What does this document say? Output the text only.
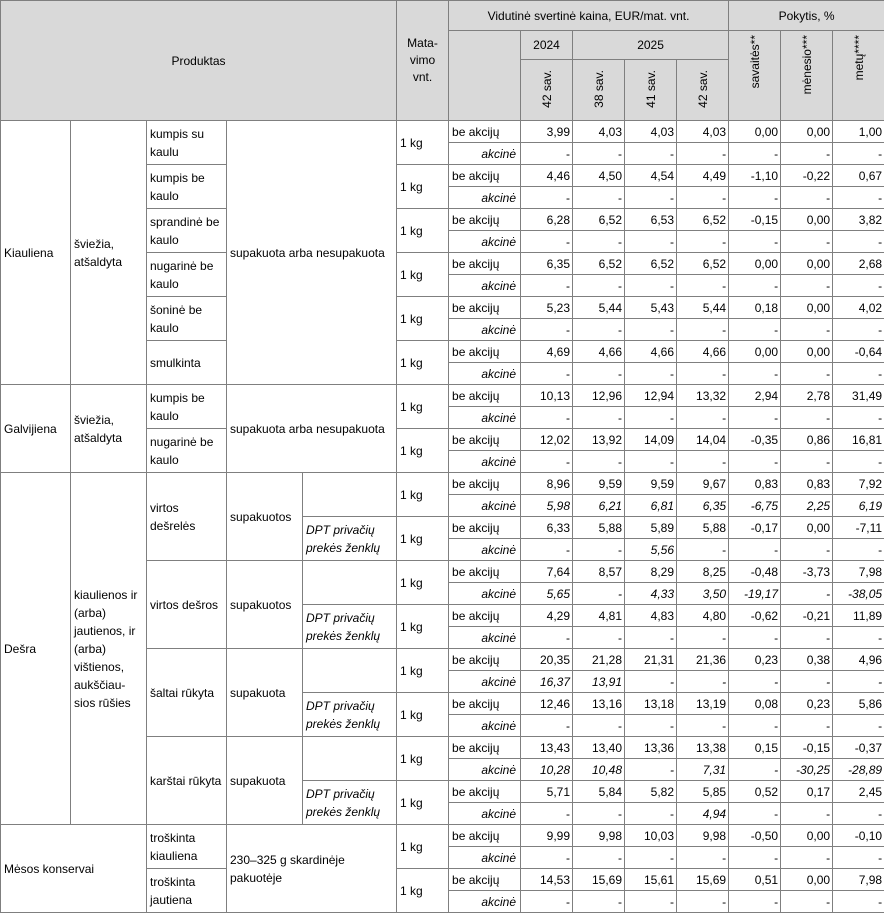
Produktas					Mata-vimo vnt.	Vidutinė svertinė kaina, EUR/mat. vnt.					Pokytis, %		
							2024	2025			savaitės**	mėnesio***	metų****
							42 sav.	38 sav.	41 sav.	42 sav.			
Kiauliena	šviežia, atšaldyta	kumpis su kaulu	supakuota arba nesupakuota		1 kg	be akcijų	3,99	4,03	4,03	4,03	0,00	0,00	1,00
						akcinė	-	-	-	-	-	-	-
		kumpis be kaulo			1 kg	be akcijų	4,46	4,50	4,54	4,49	-1,10	-0,22	0,67
						akcinė	-	-	-	-	-	-	-
		sprandinė be kaulo			1 kg	be akcijų	6,28	6,52	6,53	6,52	-0,15	0,00	3,82
						akcinė	-	-	-	-	-	-	-
		nugarinė be kaulo			1 kg	be akcijų	6,35	6,52	6,52	6,52	0,00	0,00	2,68
						akcinė	-	-	-	-	-	-	-
		šoninė be kaulo			1 kg	be akcijų	5,23	5,44	5,43	5,44	0,18	0,00	4,02
						akcinė	-	-	-	-	-	-	-
		smulkinta			1 kg	be akcijų	4,69	4,66	4,66	4,66	0,00	0,00	-0,64
						akcinė	-	-	-	-	-	-	-
Galvijiena	šviežia, atšaldyta	kumpis be kaulo	supakuota arba nesupakuota		1 kg	be akcijų	10,13	12,96	12,94	13,32	2,94	2,78	31,49
						akcinė	-	-	-	-	-	-	-
		nugarinė be kaulo			1 kg	be akcijų	12,02	13,92	14,09	14,04	-0,35	0,86	16,81
						akcinė	-	-	-	-	-	-	-
Dešra	kiaulienos ir (arba) jautienos, ir (arba) vištienos, aukščiau-sios rūšies	virtos dešrelės	supakuotos		1 kg	be akcijų	8,96	9,59	9,59	9,67	0,83	0,83	7,92
						akcinė	5,98	6,21	6,81	6,35	-6,75	2,25	6,19
				DPT privačių prekės ženklų	1 kg	be akcijų	6,33	5,88	5,89	5,88	-0,17	0,00	-7,11
						akcinė	-	-	5,56	-	-	-	-
		virtos dešros	supakuotos		1 kg	be akcijų	7,64	8,57	8,29	8,25	-0,48	-3,73	7,98
						akcinė	5,65	-	4,33	3,50	-19,17	-	-38,05
				DPT privačių prekės ženklų	1 kg	be akcijų	4,29	4,81	4,83	4,80	-0,62	-0,21	11,89
						akcinė	-	-	-	-	-	-	-
		šaltai rūkyta	supakuota		1 kg	be akcijų	20,35	21,28	21,31	21,36	0,23	0,38	4,96
						akcinė	16,37	13,91	-	-	-	-	-
				DPT privačių prekės ženklų	1 kg	be akcijų	12,46	13,16	13,18	13,19	0,08	0,23	5,86
						akcinė	-	-	-	-	-	-	-
		karštai rūkyta	supakuota		1 kg	be akcijų	13,43	13,40	13,36	13,38	0,15	-0,15	-0,37
						akcinė	10,28	10,48	-	7,31	-	-30,25	-28,89
				DPT privačių prekės ženklų	1 kg	be akcijų	5,71	5,84	5,82	5,85	0,52	0,17	2,45
						akcinė	-	-	-	4,94	-	-	-
Mėsos konservai		troškinta kiauliena	230–325 g skardinėje pakuotėje		1 kg	be akcijų	9,99	9,98	10,03	9,98	-0,50	0,00	-0,10
						akcinė	-	-	-	-	-	-	-
		troškinta jautiena			1 kg	be akcijų	14,53	15,69	15,61	15,69	0,51	0,00	7,98
						akcinė	-	-	-	-	-	-	-
